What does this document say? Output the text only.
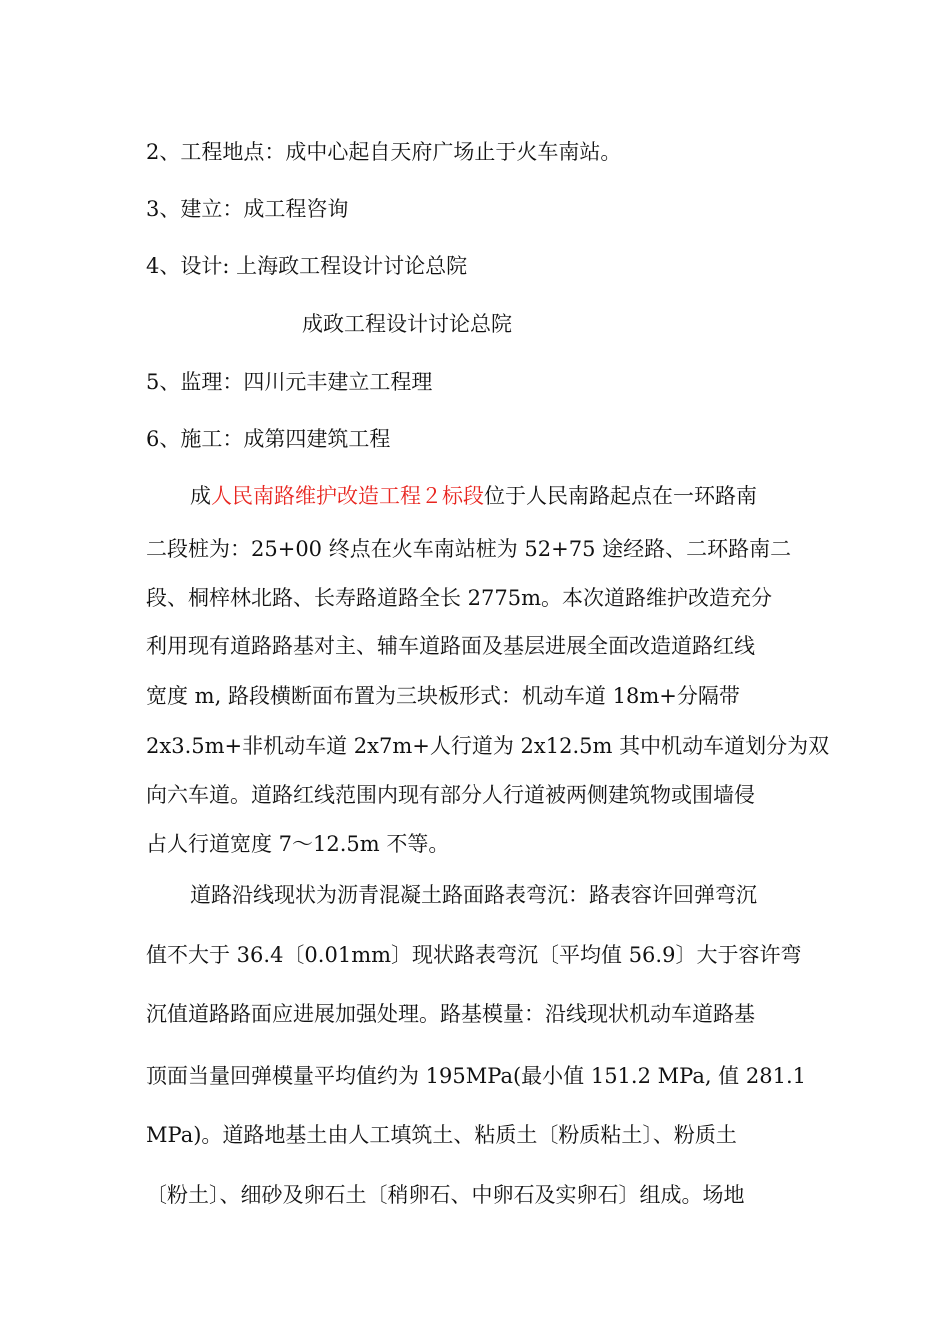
2、工程地点：成中心起自天府广场止于火车南站。
3、建立：成工程咨询
4、设计: 上海政工程设计讨论总院
成政工程设计讨论总院
5、监理：四川元丰建立工程理
6、施工：成第四建筑工程
成人民南路维护改造工程２标段位于人民南路起点在一环路南
二段桩为：25+00 终点在火车南站桩为 52+75 途经路、二环路南二
段、桐梓林北路、长寿路道路全长 2775m。本次道路维护改造充分
利用现有道路路基对主、辅车道路面及基层进展全面改造道路红线
宽度 m, 路段横断面布置为三块板形式：机动车道 18m+分隔带
2x3.5m+非机动车道 2x7m+人行道为 2x12.5m 其中机动车道划分为双
向六车道。道路红线范围内现有部分人行道被两侧建筑物或围墙侵
占人行道宽度 7～12.5m 不等。
道路沿线现状为沥青混凝土路面路表弯沉：路表容许回弹弯沉
值不大于 36.4〔0.01mm〕现状路表弯沉〔平均值 56.9〕大于容许弯
沉值道路路面应进展加强处理。路基模量：沿线现状机动车道路基
顶面当量回弹模量平均值约为 195MPa(最小值 151.2 MPa, 值 281.1
MPa)。道路地基土由人工填筑土、粘质土〔粉质粘土〕、粉质土
〔粉土〕、细砂及卵石土〔稍卵石、中卵石及实卵石〕组成。场地
